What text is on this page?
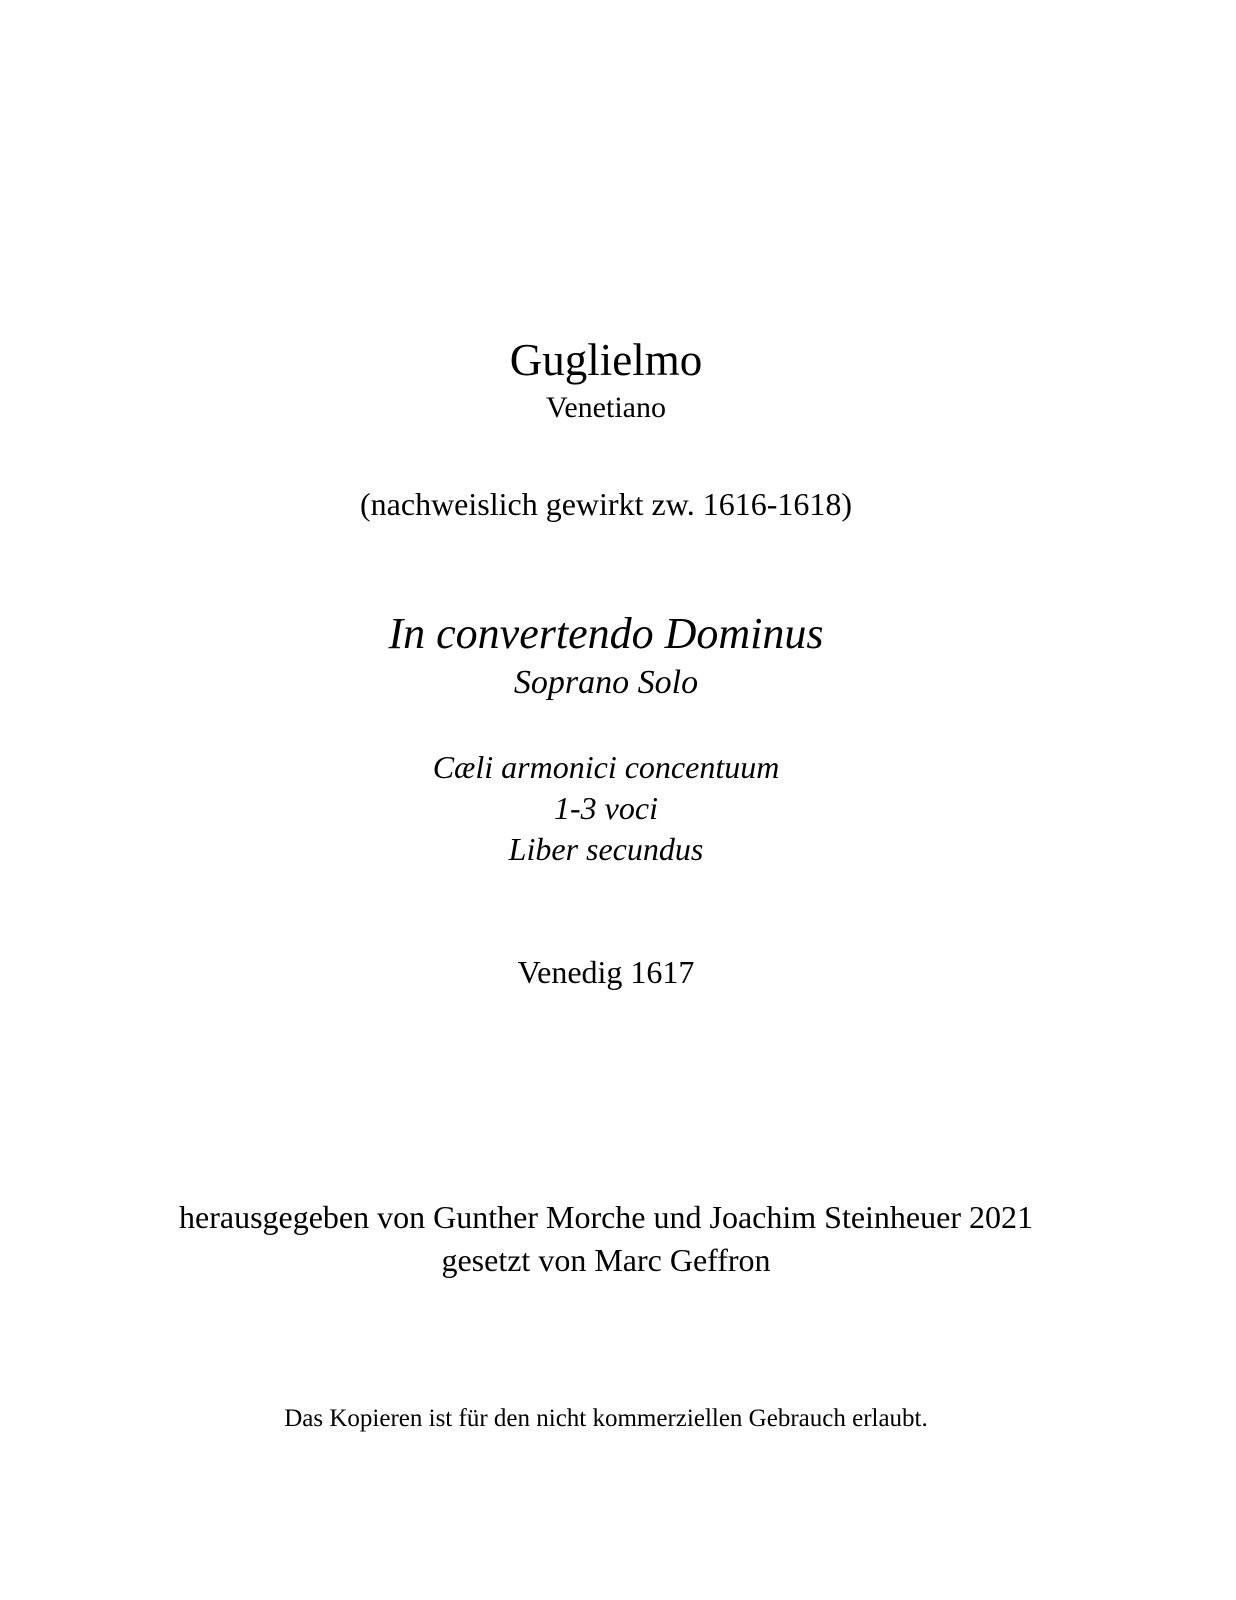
Guglielmo
Venetiano
(nachweislich gewirkt zw. 1616-1618)
In convertendo Dominus
Soprano Solo
Cæli armonici concentuum
1-3 voci
Liber secundus
Venedig 1617
herausgegeben von Gunther Morche und Joachim Steinheuer 2021
gesetzt von Marc Geffron
Das Kopieren ist für den nicht kommerziellen Gebrauch erlaubt.
